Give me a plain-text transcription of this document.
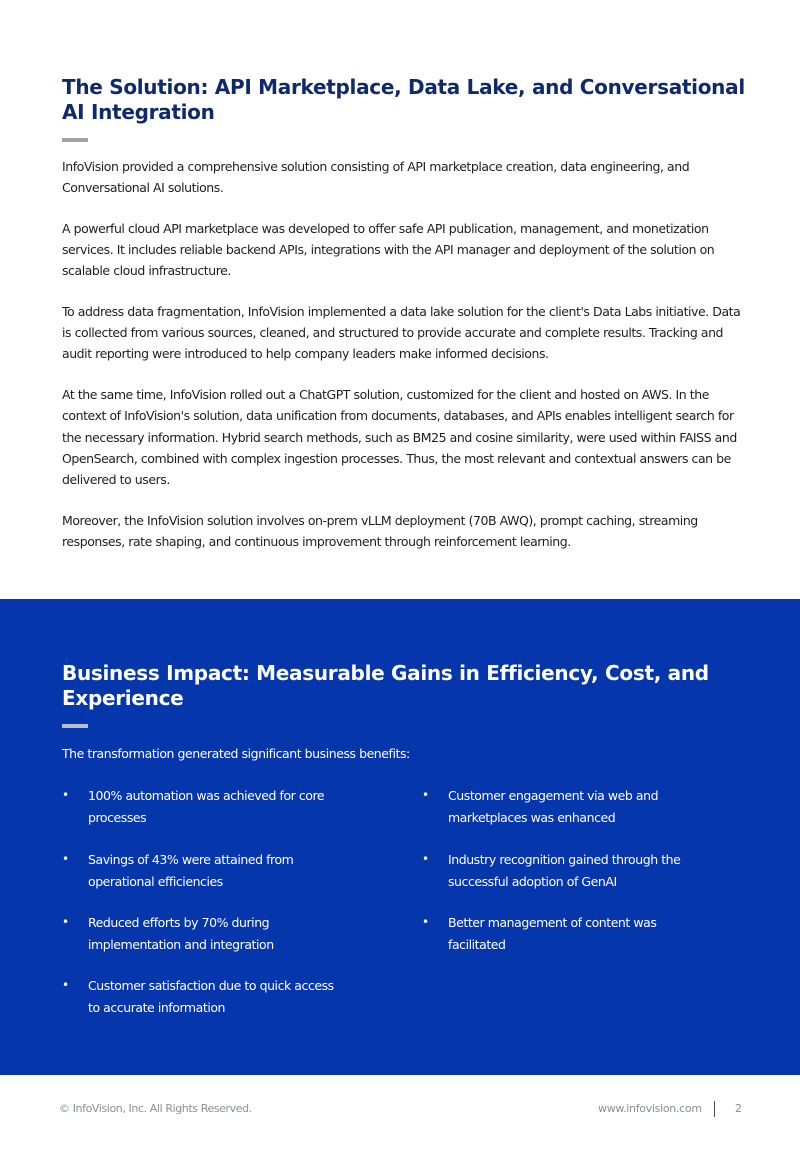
The Solution: API Marketplace, Data Lake, and Conversational AI Integration

InfoVision provided a comprehensive solution consisting of API marketplace creation, data engineering, and Conversational AI solutions.

A powerful cloud API marketplace was developed to offer safe API publication, management, and monetization services. It includes reliable backend APIs, integrations with the API manager and deployment of the solution on scalable cloud infrastructure.

To address data fragmentation, InfoVision implemented a data lake solution for the client's Data Labs initiative. Data is collected from various sources, cleaned, and structured to provide accurate and complete results. Tracking and audit reporting were introduced to help company leaders make informed decisions.

At the same time, InfoVision rolled out a ChatGPT solution, customized for the client and hosted on AWS. In the context of InfoVision's solution, data unification from documents, databases, and APIs enables intelligent search for the necessary information. Hybrid search methods, such as BM25 and cosine similarity, were used within FAISS and OpenSearch, combined with complex ingestion processes. Thus, the most relevant and contextual answers can be delivered to users.

Moreover, the InfoVision solution involves on-prem vLLM deployment (70B AWQ), prompt caching, streaming responses, rate shaping, and continuous improvement through reinforcement learning.

Business Impact: Measurable Gains in Efficiency, Cost, and Experience

The transformation generated significant business benefits:

• 100% automation was achieved for core processes
• Savings of 43% were attained from operational efficiencies
• Reduced efforts by 70% during implementation and integration
• Customer satisfaction due to quick access to accurate information
• Customer engagement via web and marketplaces was enhanced
• Industry recognition gained through the successful adoption of GenAI
• Better management of content was facilitated
© InfoVision, Inc. All Rights Reserved.	www.infovision.com	2
